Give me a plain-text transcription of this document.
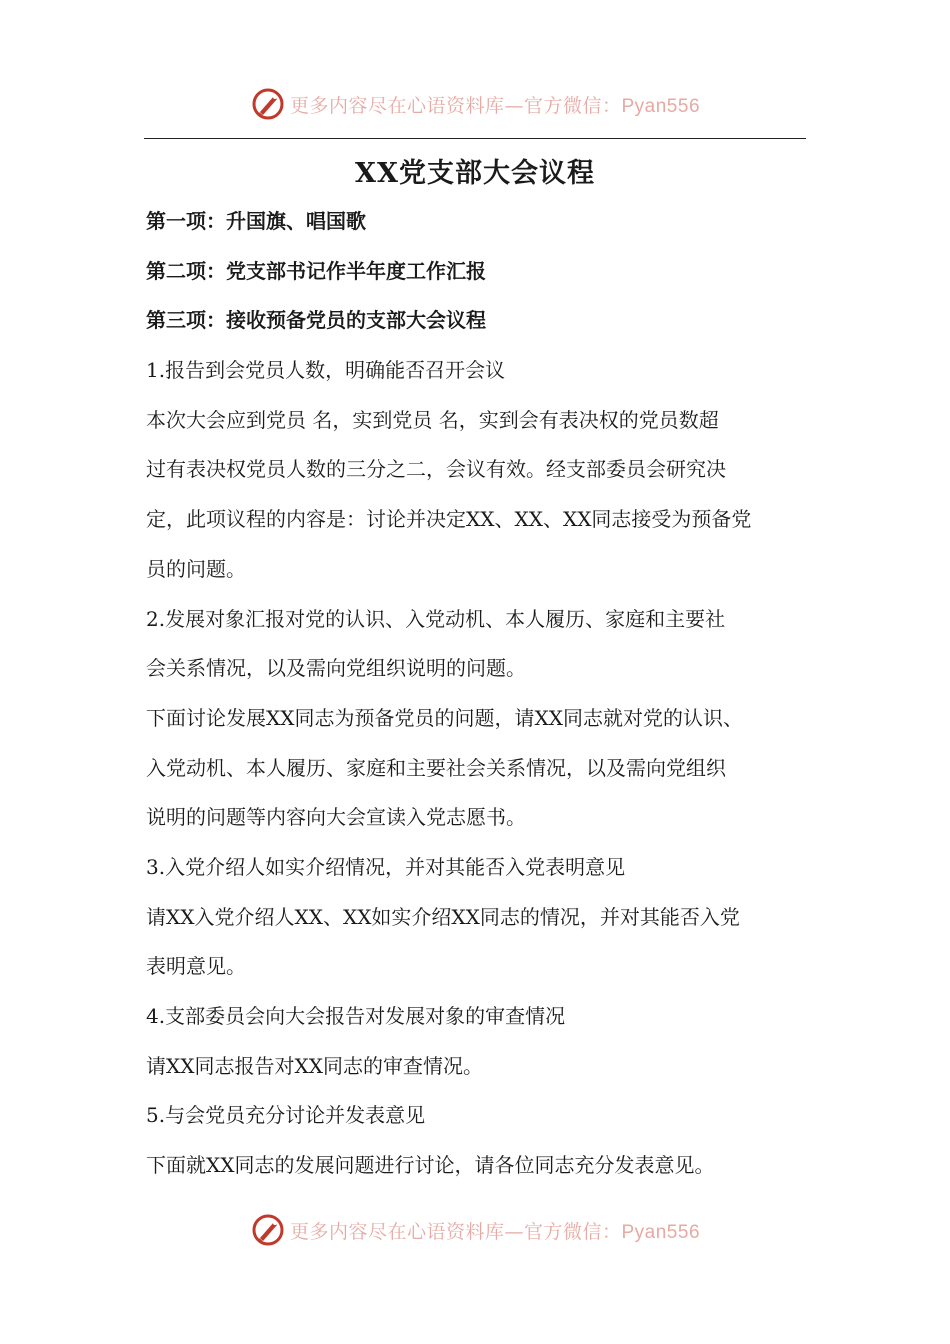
更多内容尽在心语资料库—官方微信：Pyan556
XX党支部大会议程
第一项：升国旗、唱国歌
第二项：党支部书记作半年度工作汇报
第三项：接收预备党员的支部大会议程
1.报告到会党员人数，明确能否召开会议
本次大会应到党员 名，实到党员 名，实到会有表决权的党员数超
过有表决权党员人数的三分之二，会议有效。经支部委员会研究决
定，此项议程的内容是：讨论并决定XX、XX、XX同志接受为预备党
员的问题。
2.发展对象汇报对党的认识、入党动机、本人履历、家庭和主要社
会关系情况，以及需向党组织说明的问题。
下面讨论发展XX同志为预备党员的问题，请XX同志就对党的认识、
入党动机、本人履历、家庭和主要社会关系情况，以及需向党组织
说明的问题等内容向大会宣读入党志愿书。
3.入党介绍人如实介绍情况，并对其能否入党表明意见
请XX入党介绍人XX、XX如实介绍XX同志的情况，并对其能否入党
表明意见。
4.支部委员会向大会报告对发展对象的审查情况
请XX同志报告对XX同志的审查情况。
5.与会党员充分讨论并发表意见
下面就XX同志的发展问题进行讨论，请各位同志充分发表意见。
更多内容尽在心语资料库—官方微信：Pyan556
